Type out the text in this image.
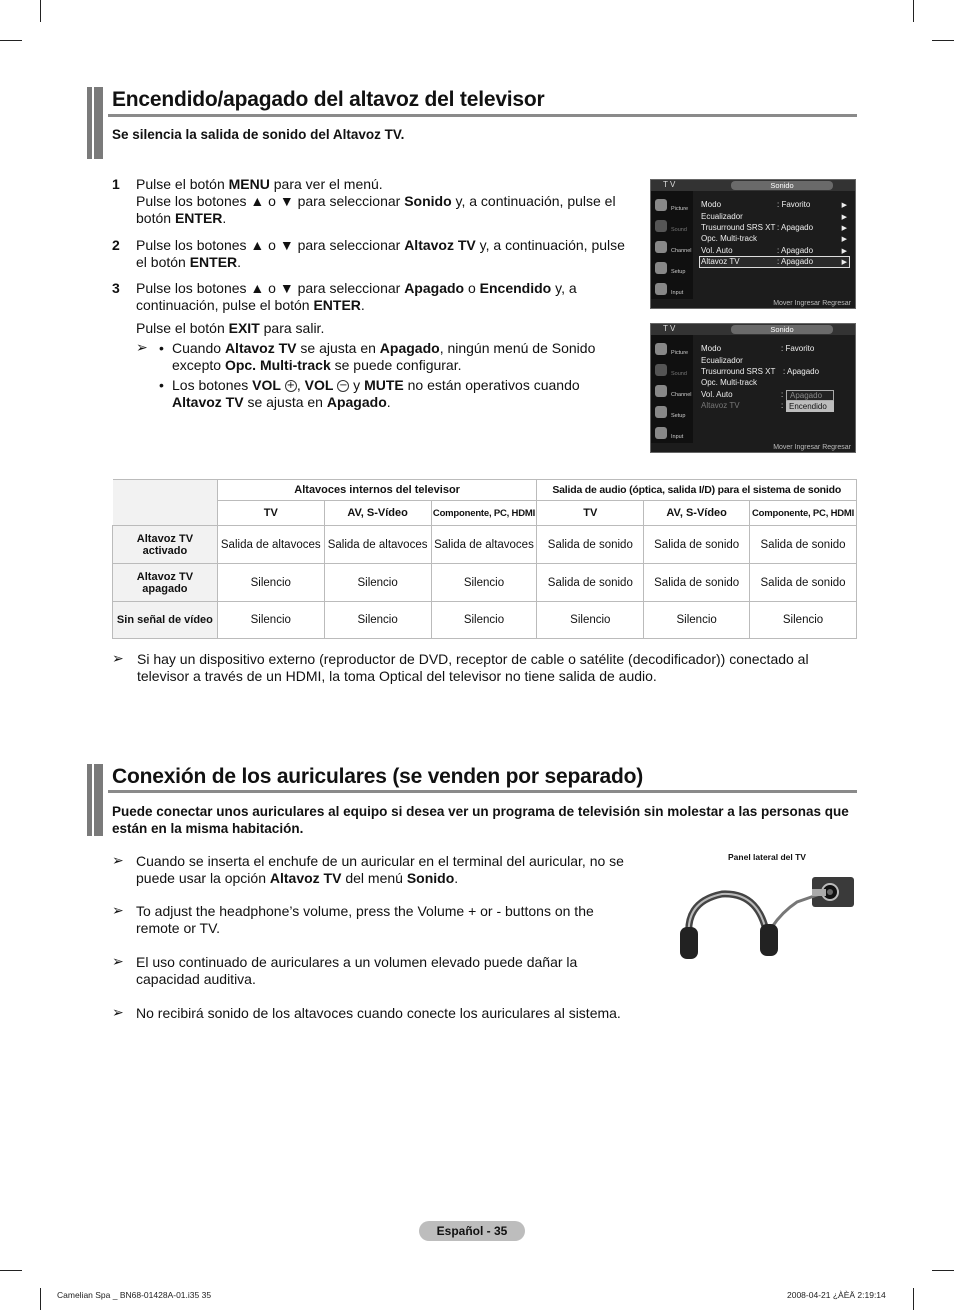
Encendido/apagado del altavoz del televisor
Se silencia la salida de sonido del Altavoz TV.
1 Pulse el botón MENU para ver el menú.
Pulse los botones ▲ o ▼ para seleccionar Sonido y, a continuación, pulse el
botón ENTER.
2 Pulse los botones ▲ o ▼ para seleccionar Altavoz TV y, a continuación, pulse
el botón ENTER.
3 Pulse los botones ▲ o ▼ para seleccionar Apagado o Encendido y, a
continuación, pulse el botón ENTER.
Pulse el botón EXIT para salir.
➢ • Cuando Altavoz TV se ajusta en Apagado, ningún menú de Sonido
excepto Opc. Multi-track se puede configurar.
• Los botones VOL + , VOL − y MUTE no están operativos cuando
Altavoz TV se ajusta en Apagado.
T V	Sonido
Picture
Sound
Channel
Setup
Input
Modo	: Favorito	▶
Ecualizador	▶
Trusurround SRS XT : Apagado	▶
Opc. Multi-track	▶
Vol. Auto	: Apagado	▶
Altavoz TV	: Apagado	▶
Mover Ingresar Regresar
T V	Sonido
Picture
Sound
Channel
Setup
Input
Modo	: Favorito
Ecualizador
Trusurround SRS XT : Apagado
Opc. Multi-track
Vol. Auto	:
Altavoz TV	:
Apagado
Encendido
Mover Ingresar Regresar
	Altavoces internos del televisor			Salida de audio (óptica, salida I/D) para el sistema de sonido		
	TV	AV, S-Vídeo	Componente, PC, HDMI	TV	AV, S-Vídeo	Componente, PC, HDMI
Altavoz TV activado	Salida de altavoces	Salida de altavoces	Salida de altavoces	Salida de sonido	Salida de sonido	Salida de sonido
Altavoz TV apagado	Silencio	Silencio	Silencio	Salida de sonido	Salida de sonido	Salida de sonido
Sin señal de vídeo	Silencio	Silencio	Silencio	Silencio	Silencio	Silencio
➢ Si hay un dispositivo externo (reproductor de DVD, receptor de cable o satélite (decodificador)) conectado al televisor a través de un HDMI, la toma Optical del televisor no tiene salida de audio.
Conexión de los auriculares (se venden por separado)
Puede conectar unos auriculares al equipo si desea ver un programa de televisión sin molestar a las personas que están en la misma habitación.
➢ Cuando se inserta el enchufe de un auricular en el terminal del auricular, no se
puede usar la opción Altavoz TV del menú Sonido.
➢ To adjust the headphone’s volume, press the Volume + or - buttons on the remote or TV.
➢ El uso continuado de auriculares a un volumen elevado puede dañar la capacidad auditiva.
➢ No recibirá sonido de los altavoces cuando conecte los auriculares al sistema.
Panel lateral del TV
Español - 35
Camelian Spa _ BN68-01428A-01.i35 35	2008-04-21 ¿ÀÈÄ 2:19:14
